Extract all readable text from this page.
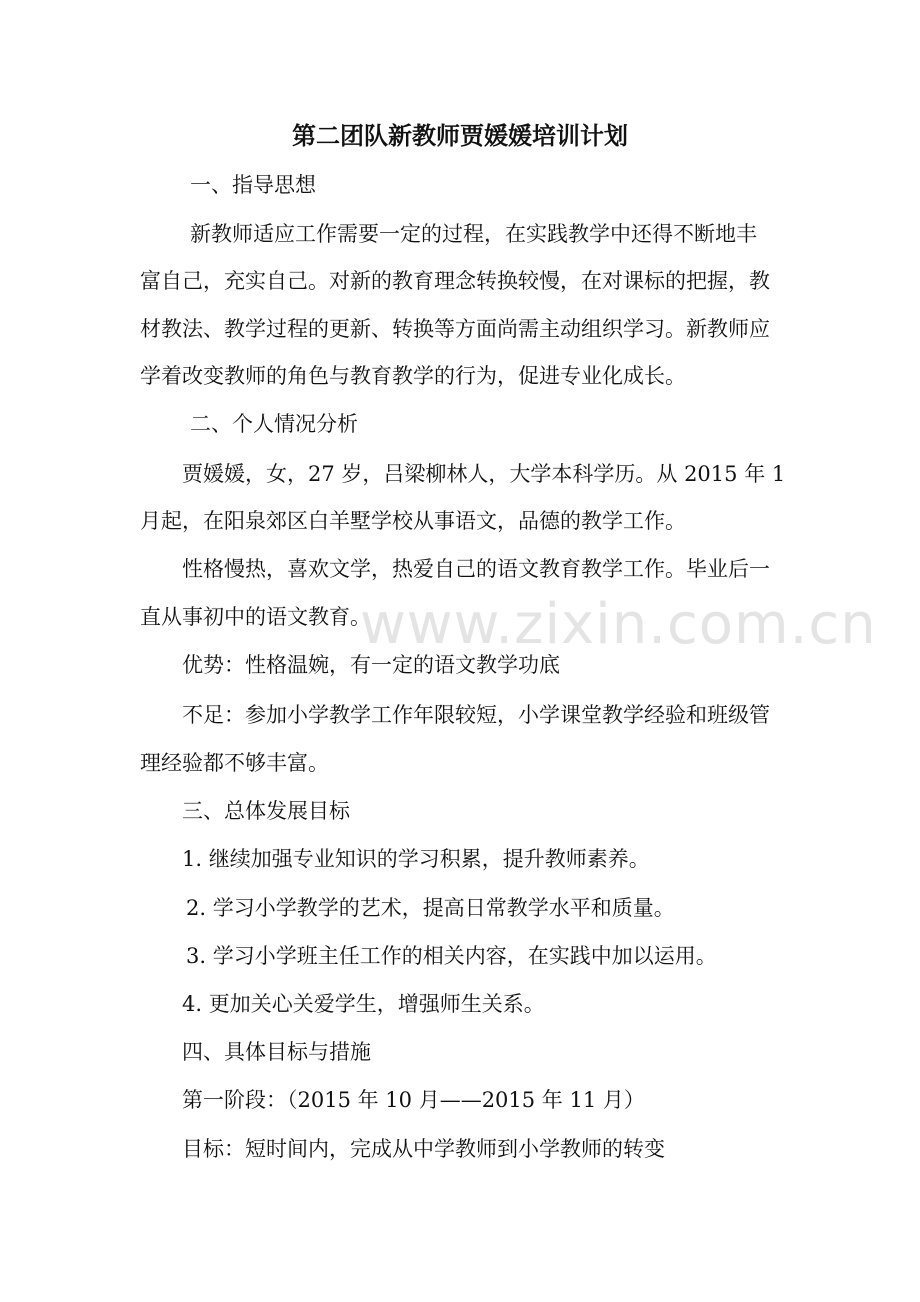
www.zixin.com.cn
第二团队新教师贾媛媛培训计划
一、指导思想
新教师适应工作需要一定的过程，在实践教学中还得不断地丰
富自己，充实自己。对新的教育理念转换较慢，在对课标的把握，教
材教法、教学过程的更新、转换等方面尚需主动组织学习。新教师应
学着改变教师的角色与教育教学的行为，促进专业化成长。
二、个人情况分析
贾媛媛，女，27 岁，吕梁柳林人，大学本科学历。从 2015 年 1
月起，在阳泉郊区白羊墅学校从事语文，品德的教学工作。
性格慢热，喜欢文学，热爱自己的语文教育教学工作。毕业后一
直从事初中的语文教育。
优势：性格温婉，有一定的语文教学功底
不足：参加小学教学工作年限较短，小学课堂教学经验和班级管
理经验都不够丰富。
三、总体发展目标
1. 继续加强专业知识的学习积累，提升教师素养。
2. 学习小学教学的艺术，提高日常教学水平和质量。
3. 学习小学班主任工作的相关内容，在实践中加以运用。
4. 更加关心关爱学生，增强师生关系。
四、具体目标与措施
第一阶段：（2015 年 10 月——2015 年 11 月）
目标：短时间内，完成从中学教师到小学教师的转变
